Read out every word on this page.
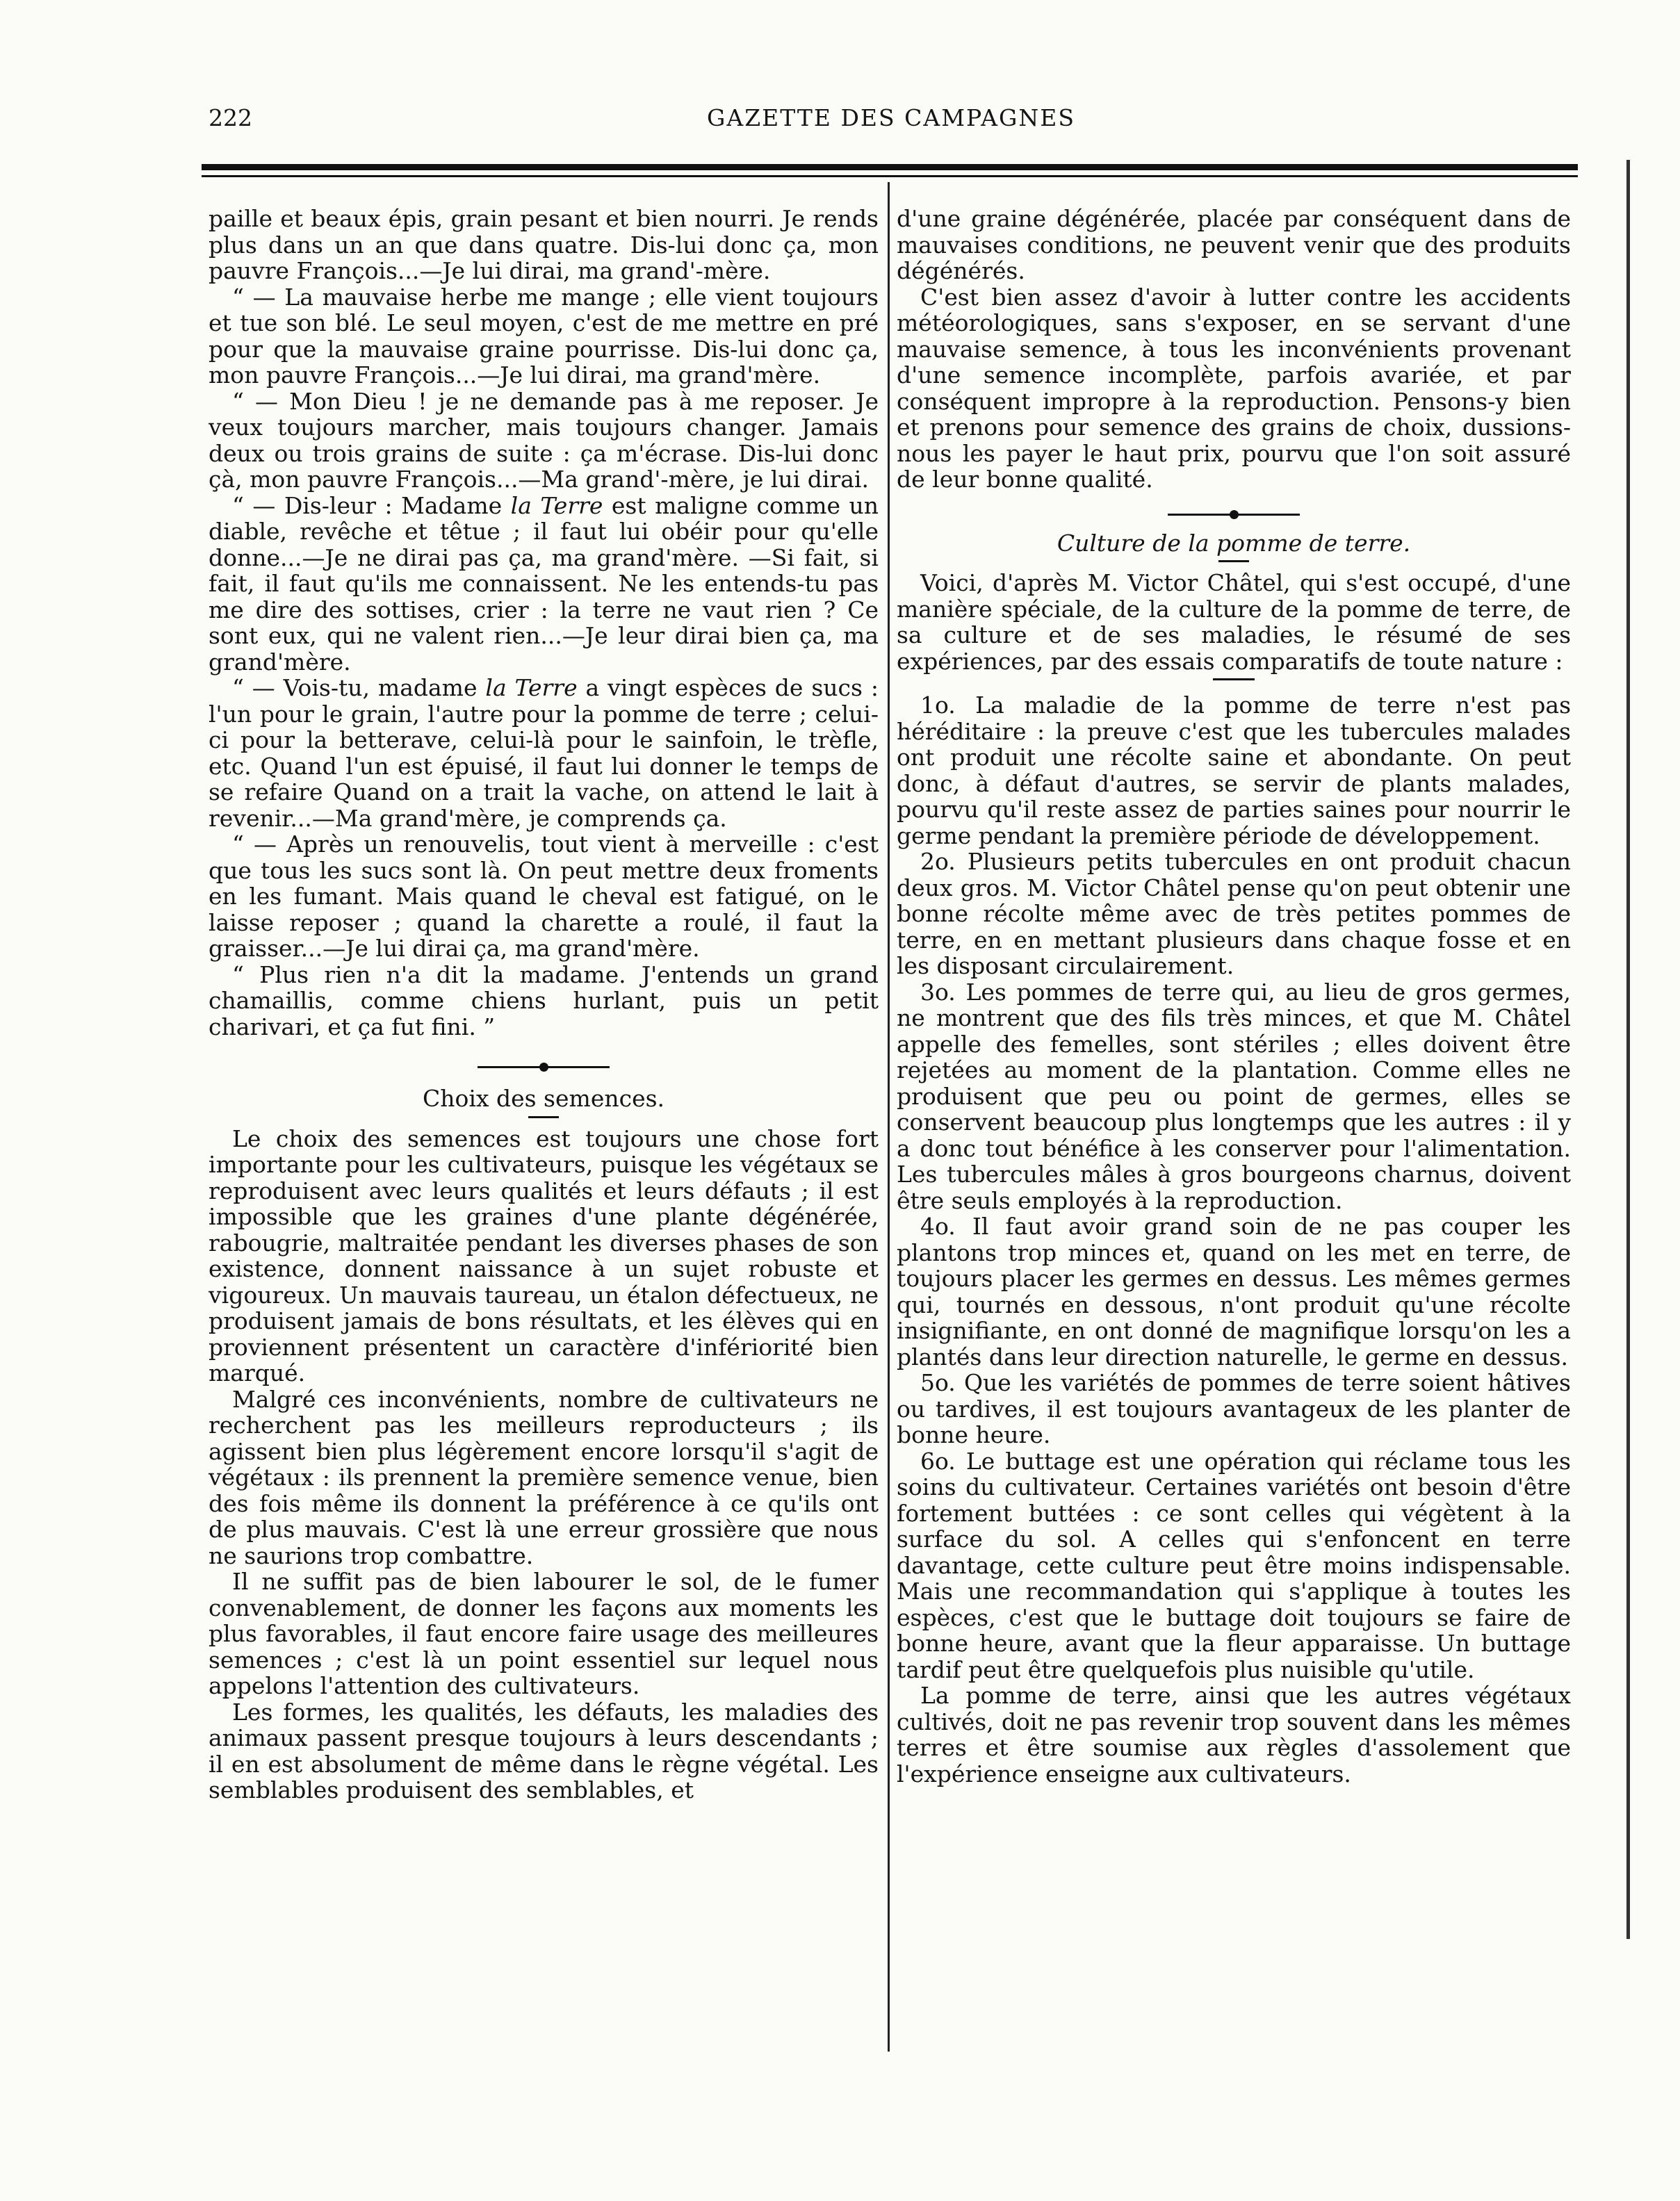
222	GAZETTE DES CAMPAGNES

paille et beaux épis, grain pesant et bien nourri. Je rends plus dans un an que dans quatre. Dis-lui donc ça, mon pauvre François...—Je lui dirai, ma grand'-mère.

“ — La mauvaise herbe me mange ; elle vient toujours et tue son blé. Le seul moyen, c'est de me mettre en pré pour que la mauvaise graine pourrisse. Dis-lui donc ça, mon pauvre François...—Je lui dirai, ma grand'mère.

“ — Mon Dieu ! je ne demande pas à me reposer. Je veux toujours marcher, mais toujours changer. Jamais deux ou trois grains de suite : ça m'écrase. Dis-lui donc çà, mon pauvre François...—Ma grand'-mère, je lui dirai.

“ — Dis-leur : Madame la Terre est maligne comme un diable, revêche et têtue ; il faut lui obéir pour qu'elle donne...—Je ne dirai pas ça, ma grand'mère. —Si fait, si fait, il faut qu'ils me connaissent. Ne les entends-tu pas me dire des sottises, crier : la terre ne vaut rien ? Ce sont eux, qui ne valent rien...—Je leur dirai bien ça, ma grand'mère.

“ — Vois-tu, madame la Terre a vingt espèces de sucs : l'un pour le grain, l'autre pour la pomme de terre ; celui-ci pour la betterave, celui-là pour le sainfoin, le trèfle, etc. Quand l'un est épuisé, il faut lui donner le temps de se refaire Quand on a trait la vache, on attend le lait à revenir...—Ma grand'mère, je comprends ça.

“ — Après un renouvelis, tout vient à merveille : c'est que tous les sucs sont là. On peut mettre deux froments en les fumant. Mais quand le cheval est fatigué, on le laisse reposer ; quand la charette a roulé, il faut la graisser...—Je lui dirai ça, ma grand'mère.

“ Plus rien n'a dit la madame. J'entends un grand chamaillis, comme chiens hurlant, puis un petit charivari, et ça fut fini. ”

Choix des semences.

Le choix des semences est toujours une chose fort importante pour les cultivateurs, puisque les végétaux se reproduisent avec leurs qualités et leurs défauts ; il est impossible que les graines d'une plante dégénérée, rabougrie, maltraitée pendant les diverses phases de son existence, donnent naissance à un sujet robuste et vigoureux. Un mauvais taureau, un étalon défectueux, ne produisent jamais de bons résultats, et les élèves qui en proviennent présentent un caractère d'infériorité bien marqué.

Malgré ces inconvénients, nombre de cultivateurs ne recherchent pas les meilleurs reproducteurs ; ils agissent bien plus légèrement encore lorsqu'il s'agit de végétaux : ils prennent la première semence venue, bien des fois même ils donnent la préférence à ce qu'ils ont de plus mauvais. C'est là une erreur grossière que nous ne saurions trop combattre.

Il ne suffit pas de bien labourer le sol, de le fumer convenablement, de donner les façons aux moments les plus favorables, il faut encore faire usage des meilleures semences ; c'est là un point essentiel sur lequel nous appelons l'attention des cultivateurs.

Les formes, les qualités, les défauts, les maladies des animaux passent presque toujours à leurs descendants ; il en est absolument de même dans le règne végétal. Les semblables produisent des semblables, et

d'une graine dégénérée, placée par conséquent dans de mauvaises conditions, ne peuvent venir que des produits dégénérés.

C'est bien assez d'avoir à lutter contre les accidents météorologiques, sans s'exposer, en se servant d'une mauvaise semence, à tous les inconvénients provenant d'une semence incomplète, parfois avariée, et par conséquent impropre à la reproduction. Pensons-y bien et prenons pour semence des grains de choix, dussions-nous les payer le haut prix, pourvu que l'on soit assuré de leur bonne qualité.

Culture de la pomme de terre.

Voici, d'après M. Victor Châtel, qui s'est occupé, d'une manière spéciale, de la culture de la pomme de terre, de sa culture et de ses maladies, le résumé de ses expériences, par des essais comparatifs de toute nature :

1o. La maladie de la pomme de terre n'est pas héréditaire : la preuve c'est que les tubercules malades ont produit une récolte saine et abondante. On peut donc, à défaut d'autres, se servir de plants malades, pourvu qu'il reste assez de parties saines pour nourrir le germe pendant la première période de développement.

2o. Plusieurs petits tubercules en ont produit chacun deux gros. M. Victor Châtel pense qu'on peut obtenir une bonne récolte même avec de très petites pommes de terre, en en mettant plusieurs dans chaque fosse et en les disposant circulairement.

3o. Les pommes de terre qui, au lieu de gros germes, ne montrent que des fils très minces, et que M. Châtel appelle des femelles, sont stériles ; elles doivent être rejetées au moment de la plantation. Comme elles ne produisent que peu ou point de germes, elles se conservent beaucoup plus longtemps que les autres : il y a donc tout bénéfice à les conserver pour l'alimentation. Les tubercules mâles à gros bourgeons charnus, doivent être seuls employés à la reproduction.

4o. Il faut avoir grand soin de ne pas couper les plantons trop minces et, quand on les met en terre, de toujours placer les germes en dessus. Les mêmes germes qui, tournés en dessous, n'ont produit qu'une récolte insignifiante, en ont donné de magnifique lorsqu'on les a plantés dans leur direction naturelle, le germe en dessus.

5o. Que les variétés de pommes de terre soient hâtives ou tardives, il est toujours avantageux de les planter de bonne heure.

6o. Le buttage est une opération qui réclame tous les soins du cultivateur. Certaines variétés ont besoin d'être fortement buttées : ce sont celles qui végètent à la surface du sol. A celles qui s'enfoncent en terre davantage, cette culture peut être moins indispensable. Mais une recommandation qui s'applique à toutes les espèces, c'est que le buttage doit toujours se faire de bonne heure, avant que la fleur apparaisse. Un buttage tardif peut être quelquefois plus nuisible qu'utile.

La pomme de terre, ainsi que les autres végétaux cultivés, doit ne pas revenir trop souvent dans les mêmes terres et être soumise aux règles d'assolement que l'expérience enseigne aux cultivateurs.
